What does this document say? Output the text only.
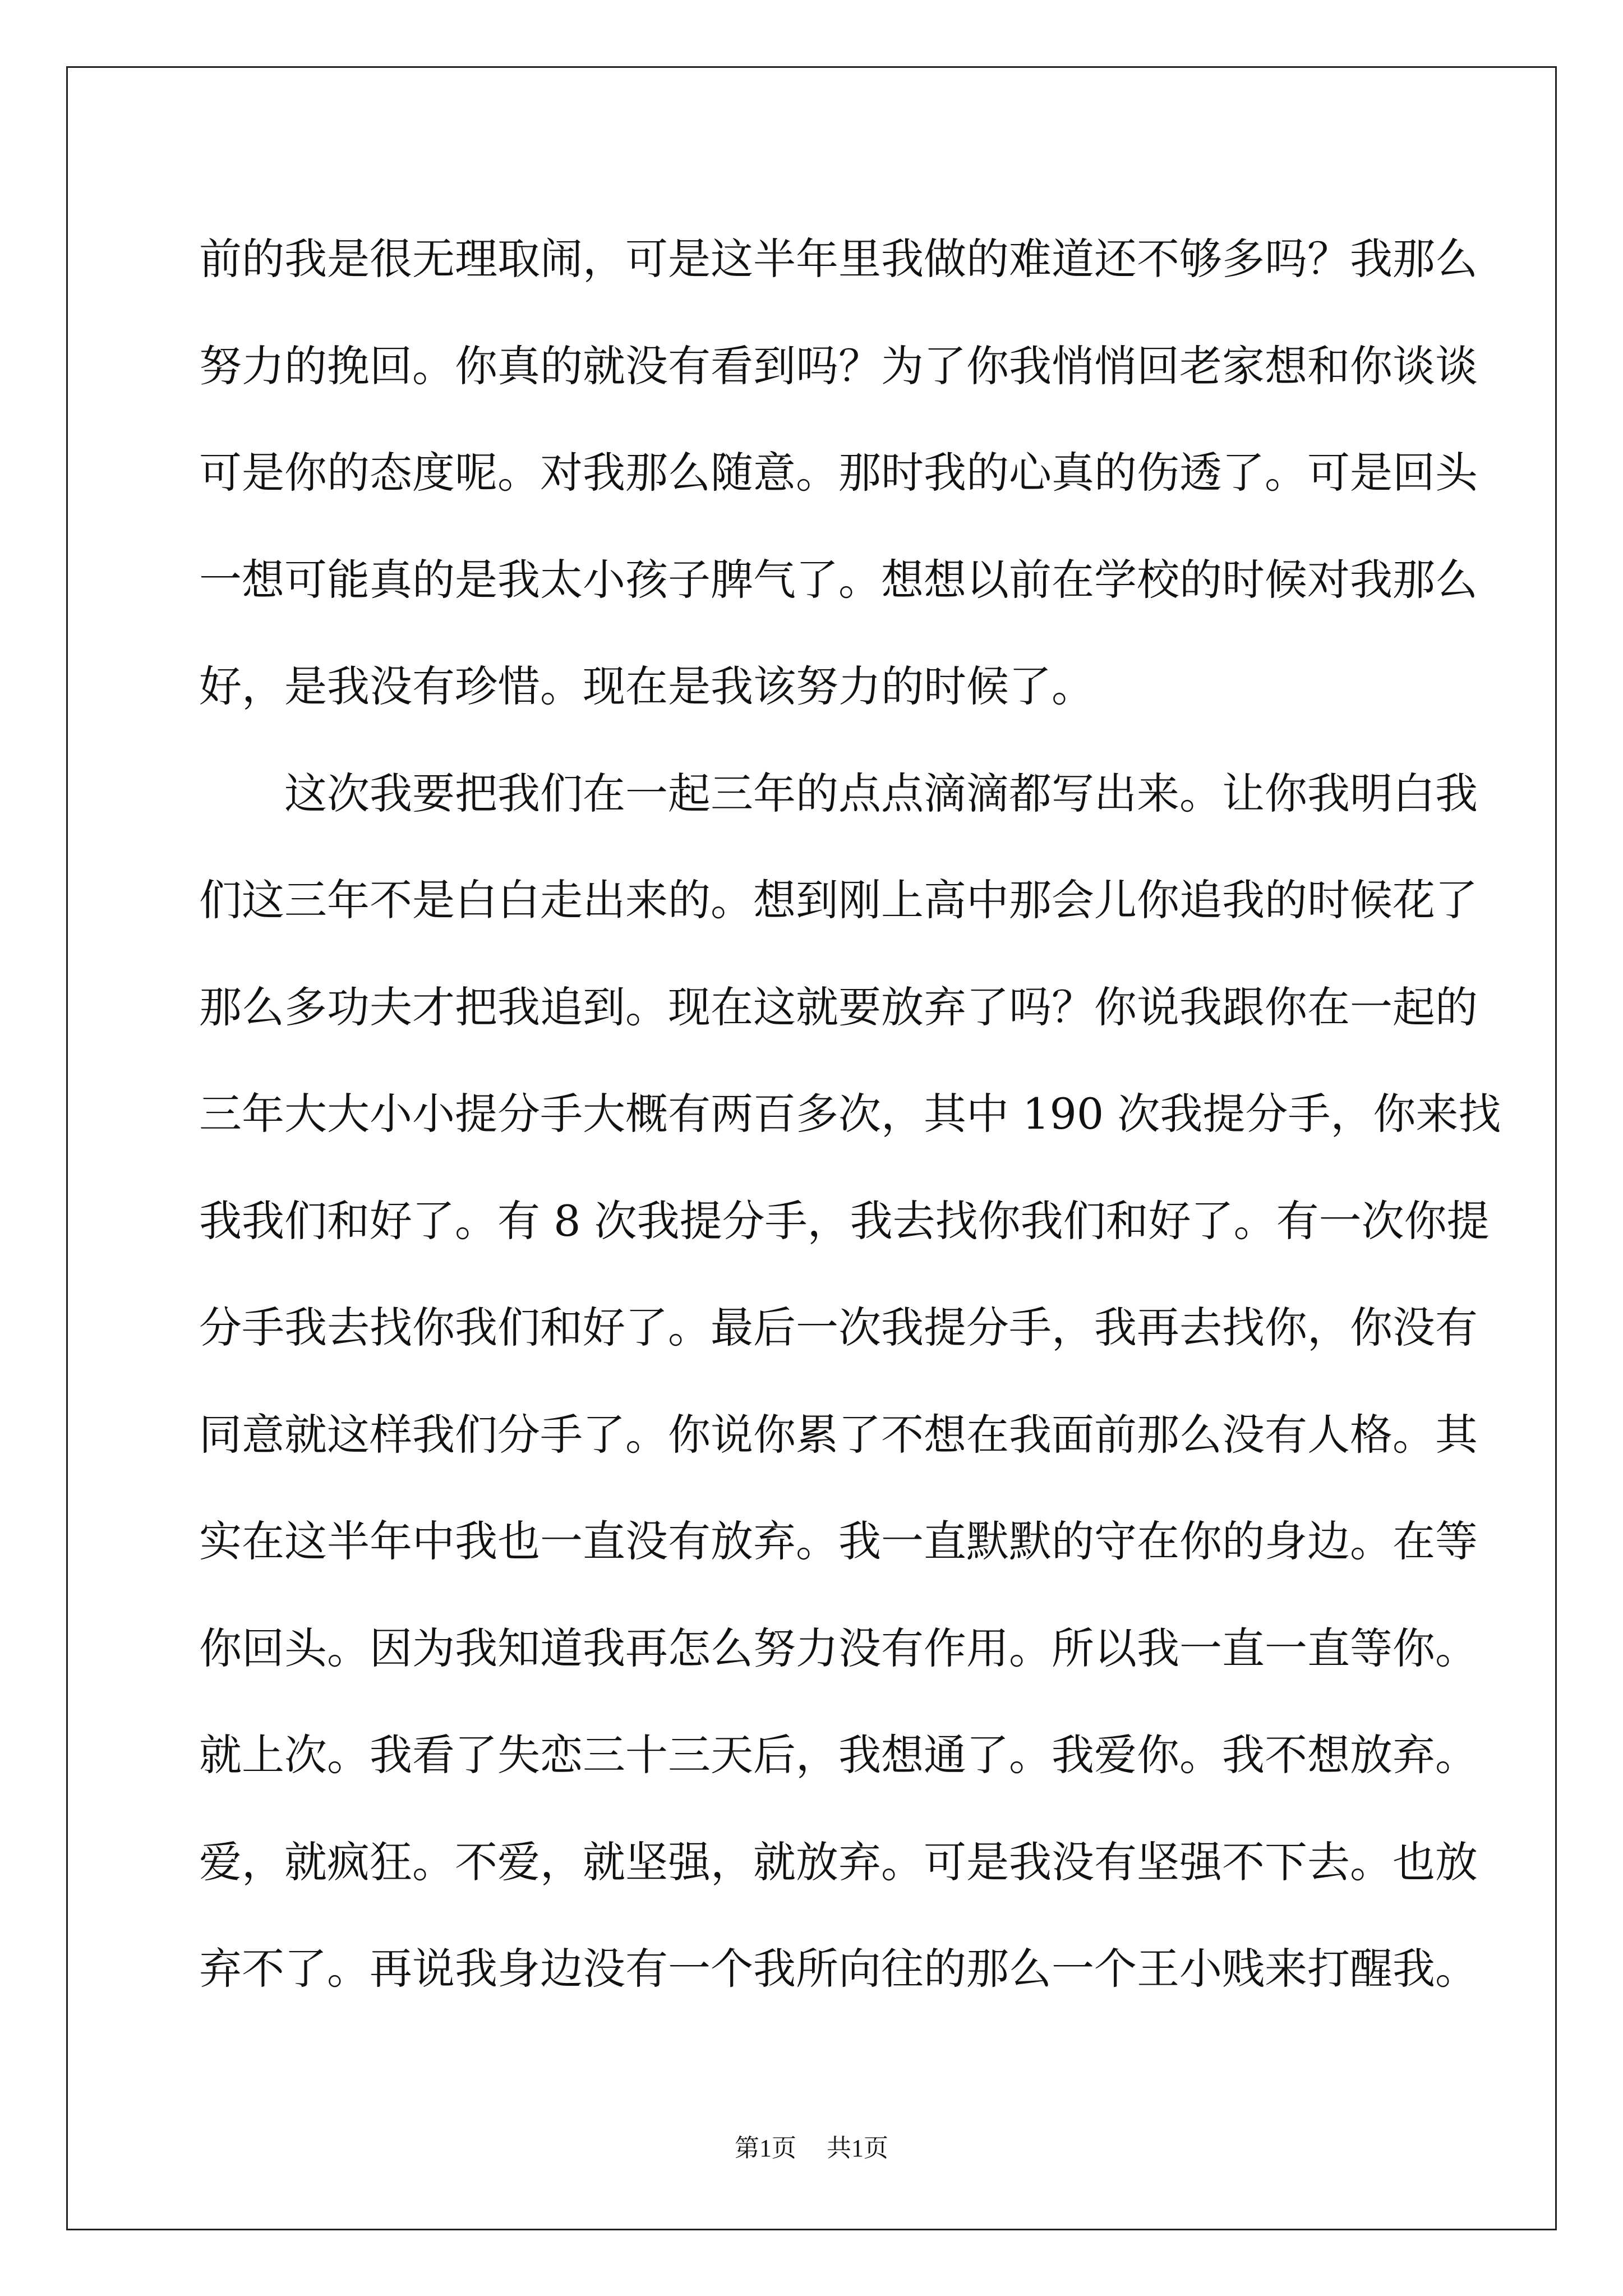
前的我是很无理取闹，可是这半年里我做的难道还不够多吗？我那么
努力的挽回。你真的就没有看到吗？为了你我悄悄回老家想和你谈谈
可是你的态度呢。对我那么随意。那时我的心真的伤透了。可是回头
一想可能真的是我太小孩子脾气了。想想以前在学校的时候对我那么
好，是我没有珍惜。现在是我该努力的时候了。
这次我要把我们在一起三年的点点滴滴都写出来。让你我明白我
们这三年不是白白走出来的。想到刚上高中那会儿你追我的时候花了
那么多功夫才把我追到。现在这就要放弃了吗？你说我跟你在一起的
三年大大小小提分手大概有两百多次，其中 190 次我提分手，你来找
我我们和好了。有 8 次我提分手，我去找你我们和好了。有一次你提
分手我去找你我们和好了。最后一次我提分手，我再去找你，你没有
同意就这样我们分手了。你说你累了不想在我面前那么没有人格。其
实在这半年中我也一直没有放弃。我一直默默的守在你的身边。在等
你回头。因为我知道我再怎么努力没有作用。所以我一直一直等你。
就上次。我看了失恋三十三天后，我想通了。我爱你。我不想放弃。
爱，就疯狂。不爱，就坚强，就放弃。可是我没有坚强不下去。也放
弃不了。再说我身边没有一个我所向往的那么一个王小贱来打醒我。
第1页 共1页
